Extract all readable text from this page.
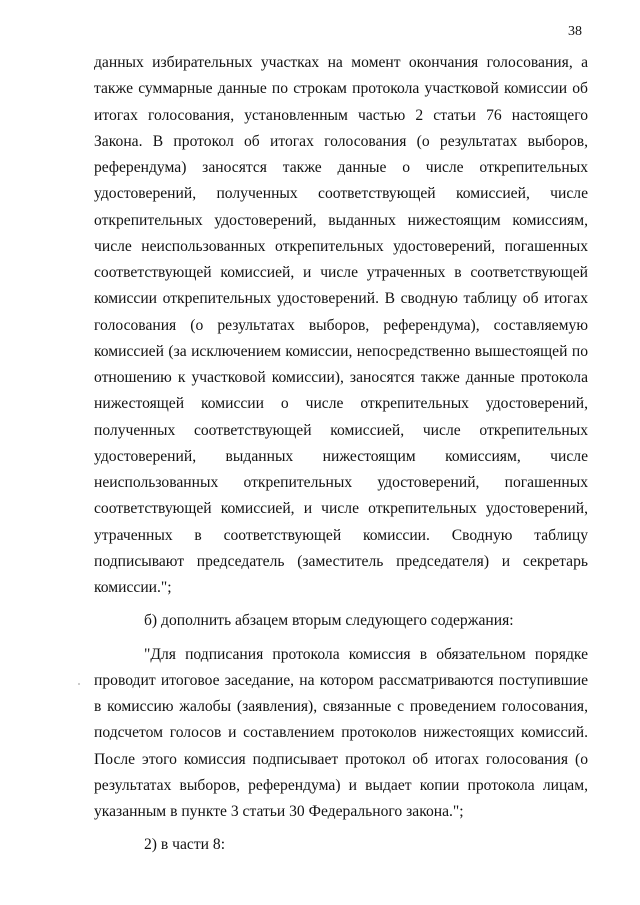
38

данных избирательных участках на момент окончания голосования, а также суммарные данные по строкам протокола участковой комиссии об итогах голосования, установленным частью 2 статьи 76 настоящего Закона. В протокол об итогах голосования (о результатах выборов, референдума) заносятся также данные о числе открепительных удостоверений, полученных соответствующей комиссией, числе открепительных удостоверений, выданных нижестоящим комиссиям, числе неиспользованных открепительных удостоверений, погашенных соответствующей комиссией, и числе утраченных в соответствующей комиссии открепительных удостоверений. В сводную таблицу об итогах голосования (о результатах выборов, референдума), составляемую комиссией (за исключением комиссии, непосредственно вышестоящей по отношению к участковой комиссии), заносятся также данные протокола нижестоящей комиссии о числе открепительных удостоверений, полученных соответствующей комиссией, числе открепительных удостоверений, выданных нижестоящим комиссиям, числе неиспользованных открепительных удостоверений, погашенных соответствующей комиссией, и числе открепительных удостоверений, утраченных в соответствующей комиссии. Сводную таблицу подписывают председатель (заместитель председателя) и секретарь комиссии.";

б) дополнить абзацем вторым следующего содержания:

"Для подписания протокола комиссия в обязательном порядке проводит итоговое заседание, на котором рассматриваются поступившие в комиссию жалобы (заявления), связанные с проведением голосования, подсчетом голосов и составлением протоколов нижестоящих комиссий. После этого комиссия подписывает протокол об итогах голосования (о результатах выборов, референдума) и выдает копии протокола лицам, указанным в пункте 3 статьи 30 Федерального закона.";

2) в части 8:
